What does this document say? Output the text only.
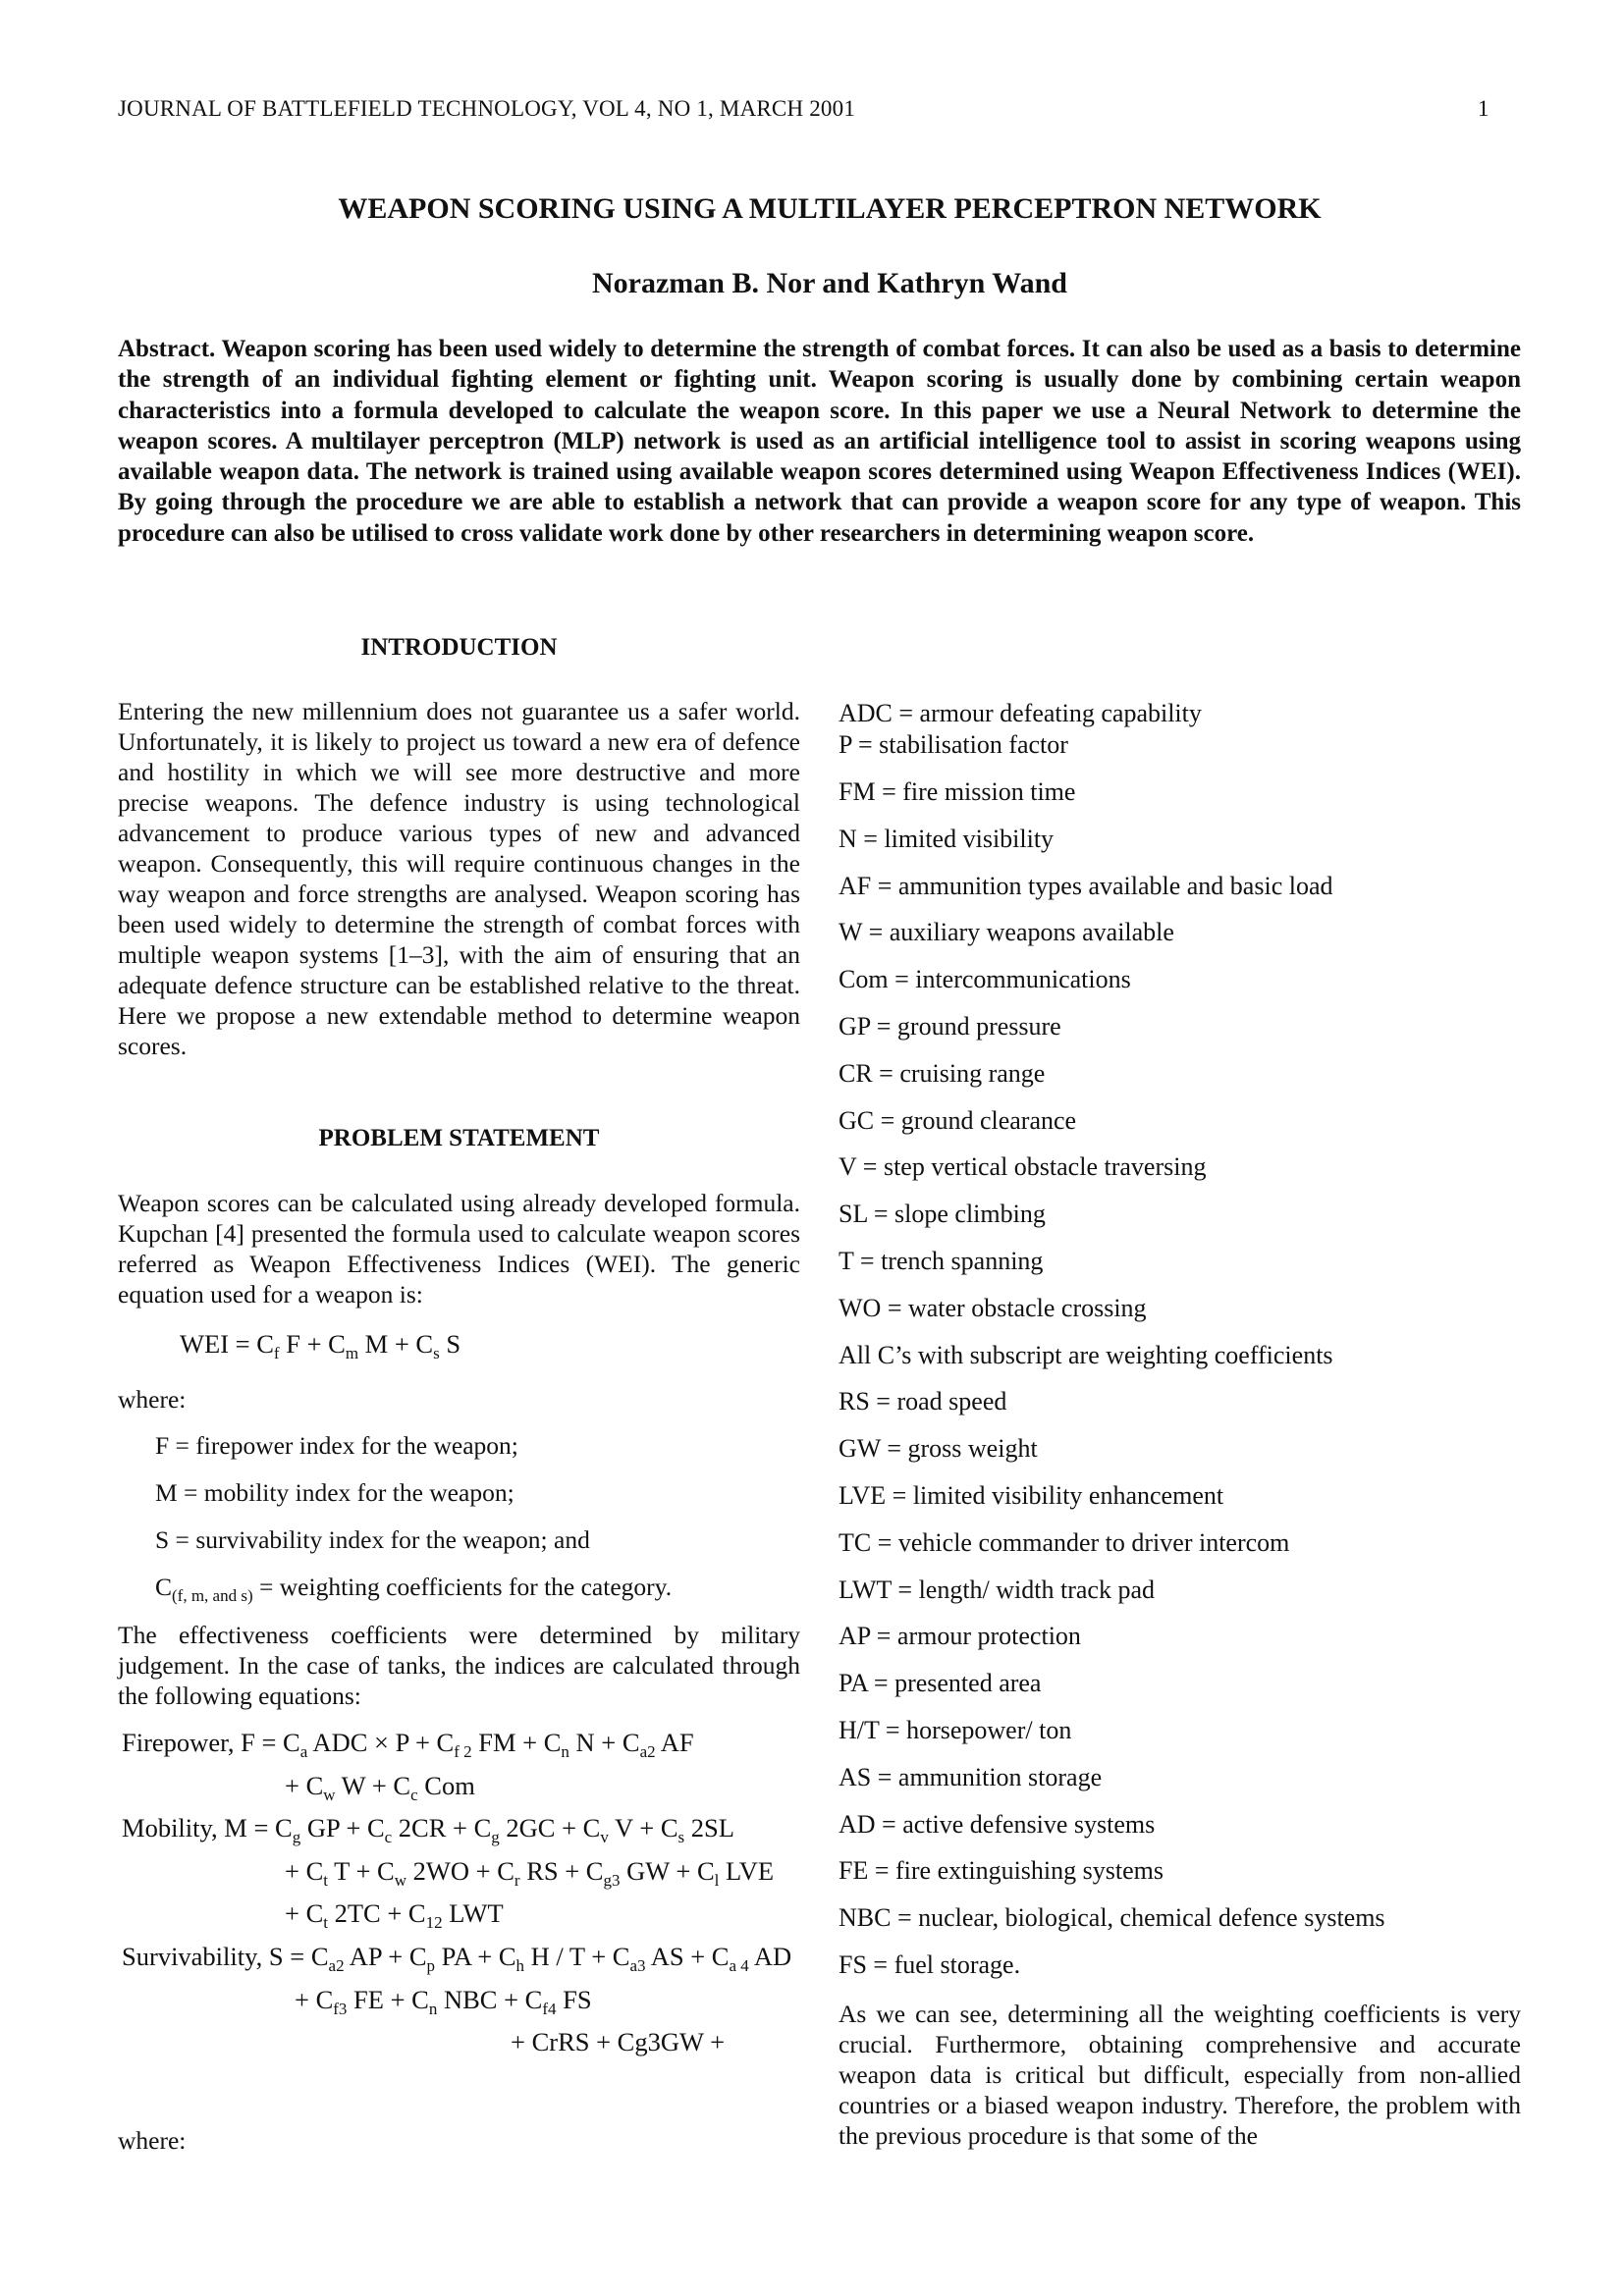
JOURNAL OF BATTLEFIELD TECHNOLOGY, VOL 4, NO 1, MARCH 2001	1
WEAPON SCORING USING A MULTILAYER PERCEPTRON NETWORK
Norazman B. Nor and Kathryn Wand
Abstract. Weapon scoring has been used widely to determine the strength of combat forces. It can also be used as a basis to determine the strength of an individual fighting element or fighting unit. Weapon scoring is usually done by combining certain weapon characteristics into a formula developed to calculate the weapon score. In this paper we use a Neural Network to determine the weapon scores. A multilayer perceptron (MLP) network is used as an artificial intelligence tool to assist in scoring weapons using available weapon data. The network is trained using available weapon scores determined using Weapon Effectiveness Indices (WEI). By going through the procedure we are able to establish a network that can provide a weapon score for any type of weapon. This procedure can also be utilised to cross validate work done by other researchers in determining weapon score.
INTRODUCTION
Entering the new millennium does not guarantee us a safer world. Unfortunately, it is likely to project us toward a new era of defence and hostility in which we will see more destructive and more precise weapons. The defence industry is using technological advancement to produce various types of new and advanced weapon. Consequently, this will require continuous changes in the way weapon and force strengths are analysed. Weapon scoring has been used widely to determine the strength of combat forces with multiple weapon systems [1–3], with the aim of ensuring that an adequate defence structure can be established relative to the threat. Here we propose a new extendable method to determine weapon scores.
PROBLEM STATEMENT
Weapon scores can be calculated using already developed formula. Kupchan [4] presented the formula used to calculate weapon scores referred as Weapon Effectiveness Indices (WEI). The generic equation used for a weapon is:
WEI = $C_f$ $F + C_m$ $M + C_s$ S
where:
F = firepower index for the weapon;
M = mobility index for the weapon;
S = survivability index for the weapon; and
$C_{(f, m, and s)}$ = weighting coefficients for the category.
The effectiveness coefficients were determined by military judgement. In the case of tanks, the indices are calculated through the following equations:
Firepower, $F = C_a$ ADC × $P + C_{f 2}$ FM + $C_n$ $N + C_{a2}$ AF
+ $C_w$ $W + C_c$ Com
Mobility, $M = C_g$ GP + $C_c$ $2CR + C_g$ $2GC + C_v$ $V + C_s$ 2SL
+ $C_t$ $T + C_w$ $2WO + C_r$ RS + $C_{g3}$ GW + $C_l$ LVE
+ $C_t$ $2TC + C_{12}$ LWT
Survivability, $S = C_{a2}$ AP + $C_p$ PA + $C_h$ $H / T + C_{a3}$ AS + $C_{a 4}$ AD
+ $C_{f3}$ FE + $C_n$ NBC + $C_{f4}$ FS
+ CrRS + Cg3GW +
where:
ADC = armour defeating capability
P = stabilisation factor
FM = fire mission time
N = limited visibility
AF = ammunition types available and basic load
W = auxiliary weapons available
Com = intercommunications
GP = ground pressure
CR = cruising range
GC = ground clearance
V = step vertical obstacle traversing
SL = slope climbing
T = trench spanning
WO = water obstacle crossing
All C’s with subscript are weighting coefficients
RS = road speed
GW = gross weight
LVE = limited visibility enhancement
TC = vehicle commander to driver intercom
LWT = length/ width track pad
AP = armour protection
PA = presented area
H/T = horsepower/ ton
AS = ammunition storage
AD = active defensive systems
FE = fire extinguishing systems
NBC = nuclear, biological, chemical defence systems
FS = fuel storage.
As we can see, determining all the weighting coefficients is very crucial. Furthermore, obtaining comprehensive and accurate weapon data is critical but difficult, especially from non-allied countries or a biased weapon industry. Therefore, the problem with the previous procedure is that some of the
